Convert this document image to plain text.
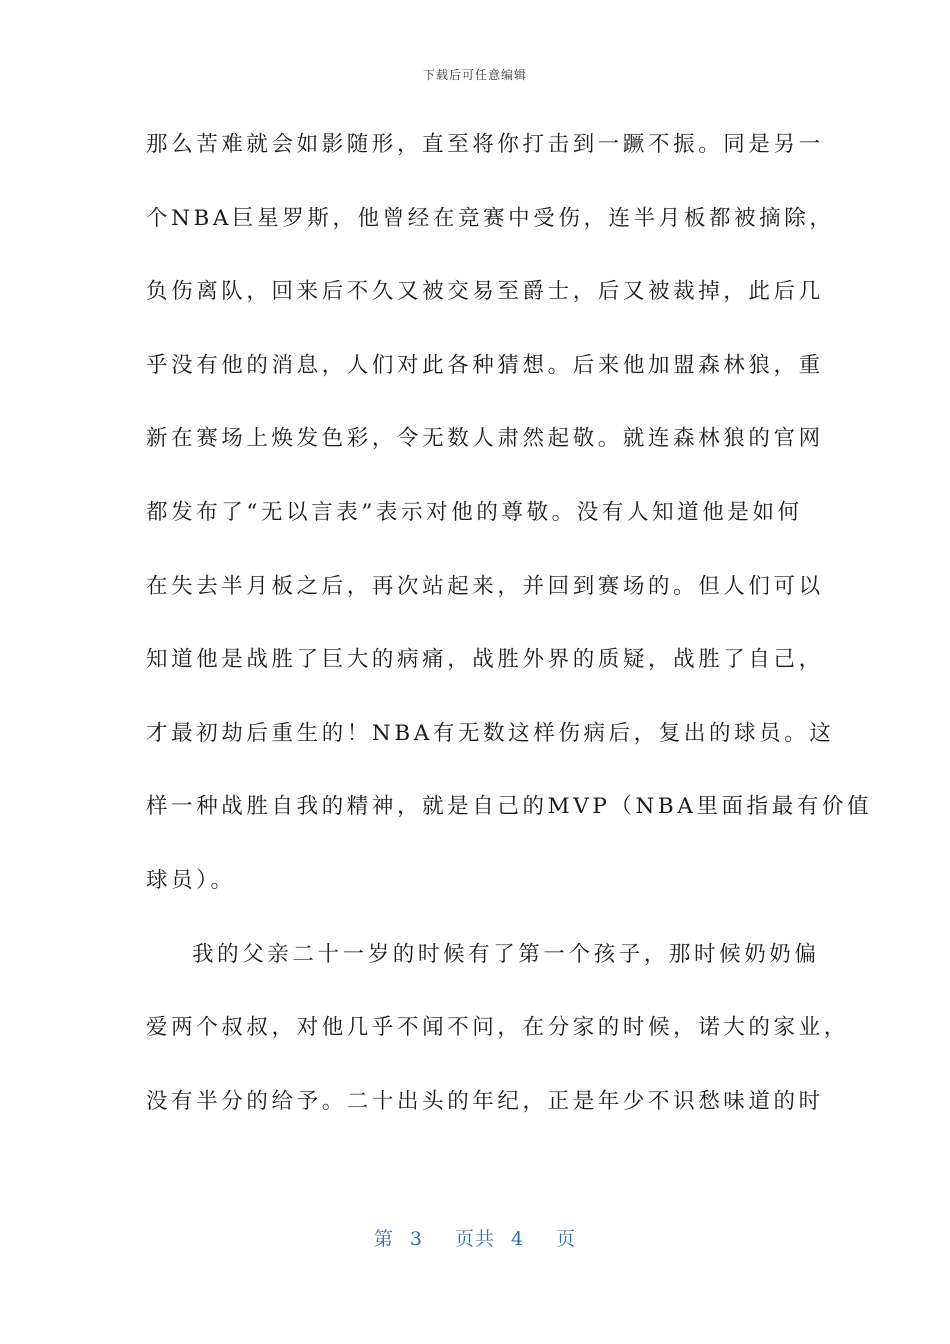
下载后可任意编辑
那么苦难就会如影随形，直至将你打击到一蹶不振。同是另一
个NBA巨星罗斯，他曾经在竞赛中受伤，连半月板都被摘除，
负伤离队，回来后不久又被交易至爵士，后又被裁掉，此后几
乎没有他的消息，人们对此各种猜想。后来他加盟森林狼，重
新在赛场上焕发色彩，令无数人肃然起敬。就连森林狼的官网
都发布了“无以言表”表示对他的尊敬。没有人知道他是如何
在失去半月板之后，再次站起来，并回到赛场的。但人们可以
知道他是战胜了巨大的病痛，战胜外界的质疑，战胜了自己，
才最初劫后重生的！NBA有无数这样伤病后，复出的球员。这
样一种战胜自我的精神，就是自己的MVP（NBA里面指最有价值
球员）。
我的父亲二十一岁的时候有了第一个孩子，那时候奶奶偏
爱两个叔叔，对他几乎不闻不问，在分家的时候，诺大的家业，
没有半分的给予。二十出头的年纪，正是年少不识愁味道的时
第 3 页共 4 页
